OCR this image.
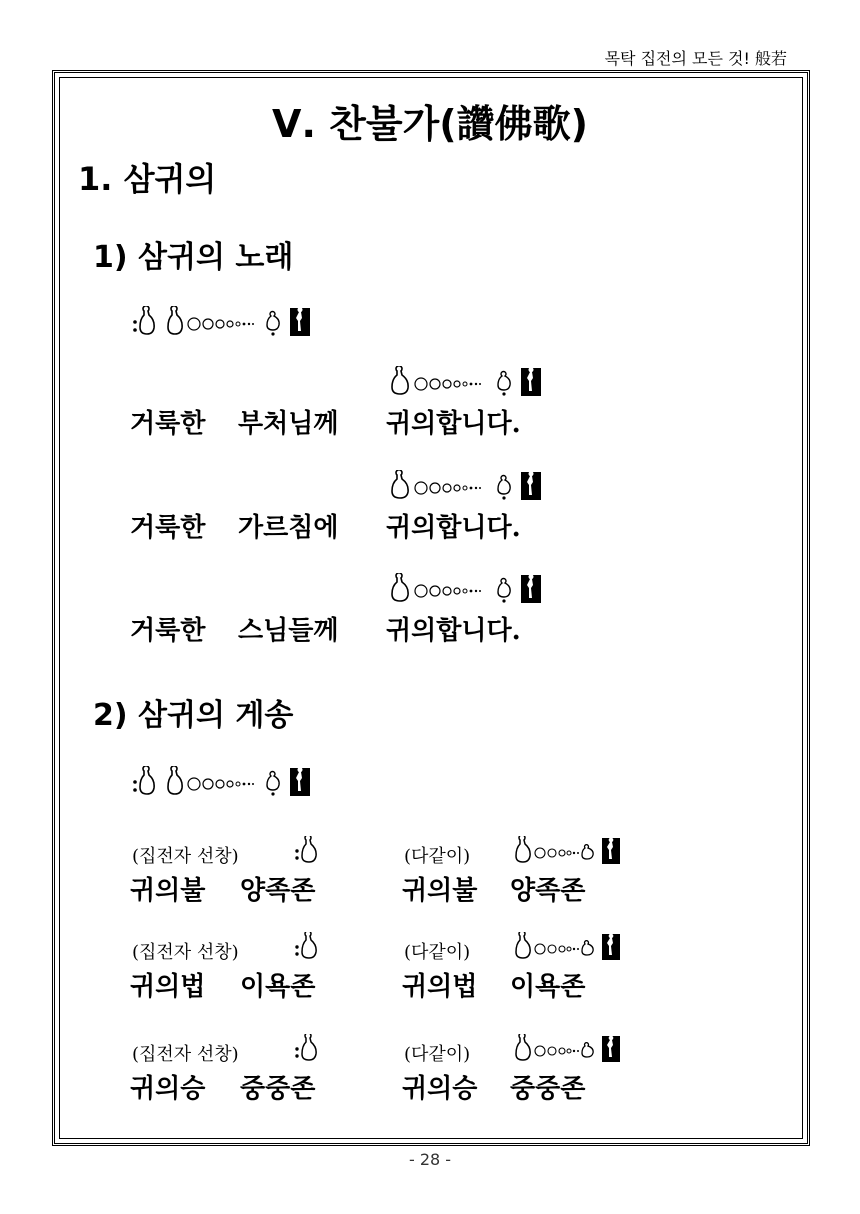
목탁 집전의 모든 것! 般若
Ⅴ. 찬불가(讚佛歌)
1. 삼귀의
1) 삼귀의 노래
거룩한 부처님께 귀의합니다.
거룩한 가르침에 귀의합니다.
거룩한 스님들께 귀의합니다.
2) 삼귀의 게송
(집전자 선창)	(다같이)
귀의불 양족존	귀의불 양족존
(집전자 선창)	(다같이)
귀의법 이욕존	귀의법 이욕존
(집전자 선창)	(다같이)
귀의승 중중존	귀의승 중중존
- 28 -
